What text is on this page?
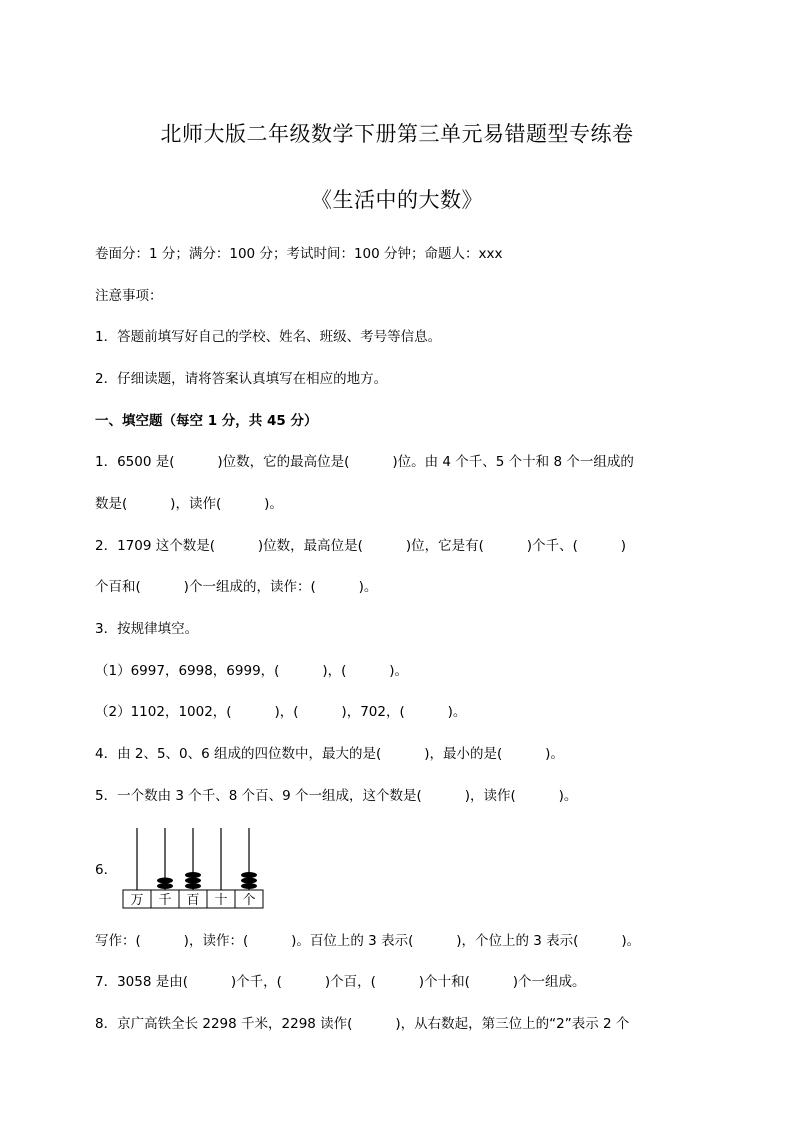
北师大版二年级数学下册第三单元易错题型专练卷
《生活中的大数》
卷面分：1 分；满分：100 分；考试时间：100 分钟；命题人：xxx
注意事项：
1．答题前填写好自己的学校、姓名、班级、考号等信息。
2．仔细读题，请将答案认真填写在相应的地方。
一、填空题（每空 1 分，共 45 分）
1．6500 是(          )位数，它的最高位是(          )位。由 4 个千、5 个十和 8 个一组成的
数是(          )，读作(          )。
2．1709 这个数是(          )位数，最高位是(          )位，它是有(          )个千、(          )
个百和(          )个一组成的，读作：(          )。
3．按规律填空。
（1）6997，6998，6999，(          )，(          )。
（2）1102，1002，(          )，(          )，702，(          )。
4．由 2、5、0、6 组成的四位数中，最大的是(          )，最小的是(          )。
5．一个数由 3 个千、8 个百、9 个一组成，这个数是(          )，读作(          )。
6．
万 千 百 十 个
写作：(          )，读作：(          )。百位上的 3 表示(          )，个位上的 3 表示(          )。
7．3058 是由(          )个千，(          )个百，(          )个十和(          )个一组成。
8．京广高铁全长 2298 千米，2298 读作(          )，从右数起，第三位上的“2”表示 2 个
